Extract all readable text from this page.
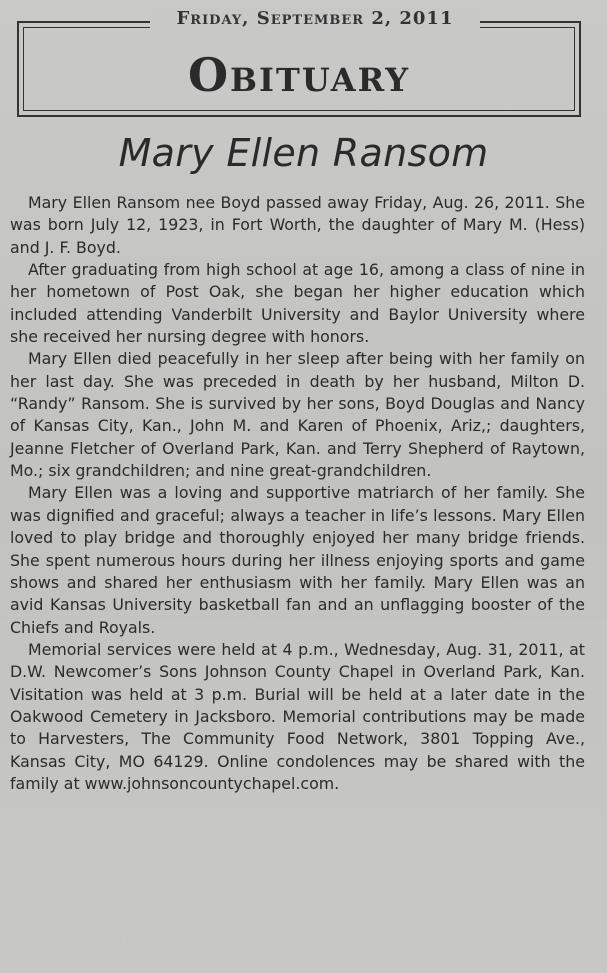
Friday, September 2, 2011
Obituary
Mary Ellen Ransom

Mary Ellen Ransom nee Boyd passed away Friday, Aug. 26, 2011. She was born July 12, 1923, in Fort Worth, the daughter of Mary M. (Hess) and J. F. Boyd.

After graduating from high school at age 16, among a class of nine in her hometown of Post Oak, she began her higher education which included attending Vanderbilt University and Baylor University where she received her nursing degree with honors.

Mary Ellen died peacefully in her sleep after being with her family on her last day. She was preceded in death by her husband, Milton D. “Randy” Ransom. She is survived by her sons, Boyd Douglas and Nancy of Kansas City, Kan., John M. and Karen of Phoenix, Ariz,; daughters, Jeanne Fletcher of Overland Park, Kan. and Terry Shepherd of Raytown, Mo.; six grandchildren; and nine great-grandchildren.

Mary Ellen was a loving and supportive matriarch of her family. She was dignified and graceful; always a teacher in life’s lessons. Mary Ellen loved to play bridge and thoroughly enjoyed her many bridge friends. She spent numerous hours during her illness enjoying sports and game shows and shared her enthusiasm with her family. Mary Ellen was an avid Kansas University basketball fan and an unflagging booster of the Chiefs and Royals.

Memorial services were held at 4 p.m., Wednesday, Aug. 31, 2011, at D.W. Newcomer’s Sons Johnson County Chapel in Overland Park, Kan. Visitation was held at 3 p.m. Burial will be held at a later date in the Oakwood Cemetery in Jacksboro. Memorial contributions may be made to Harvesters, The Community Food Network, 3801 Topping Ave., Kansas City, MO 64129. Online condolences may be shared with the family at www.johnsoncountychapel.com.
